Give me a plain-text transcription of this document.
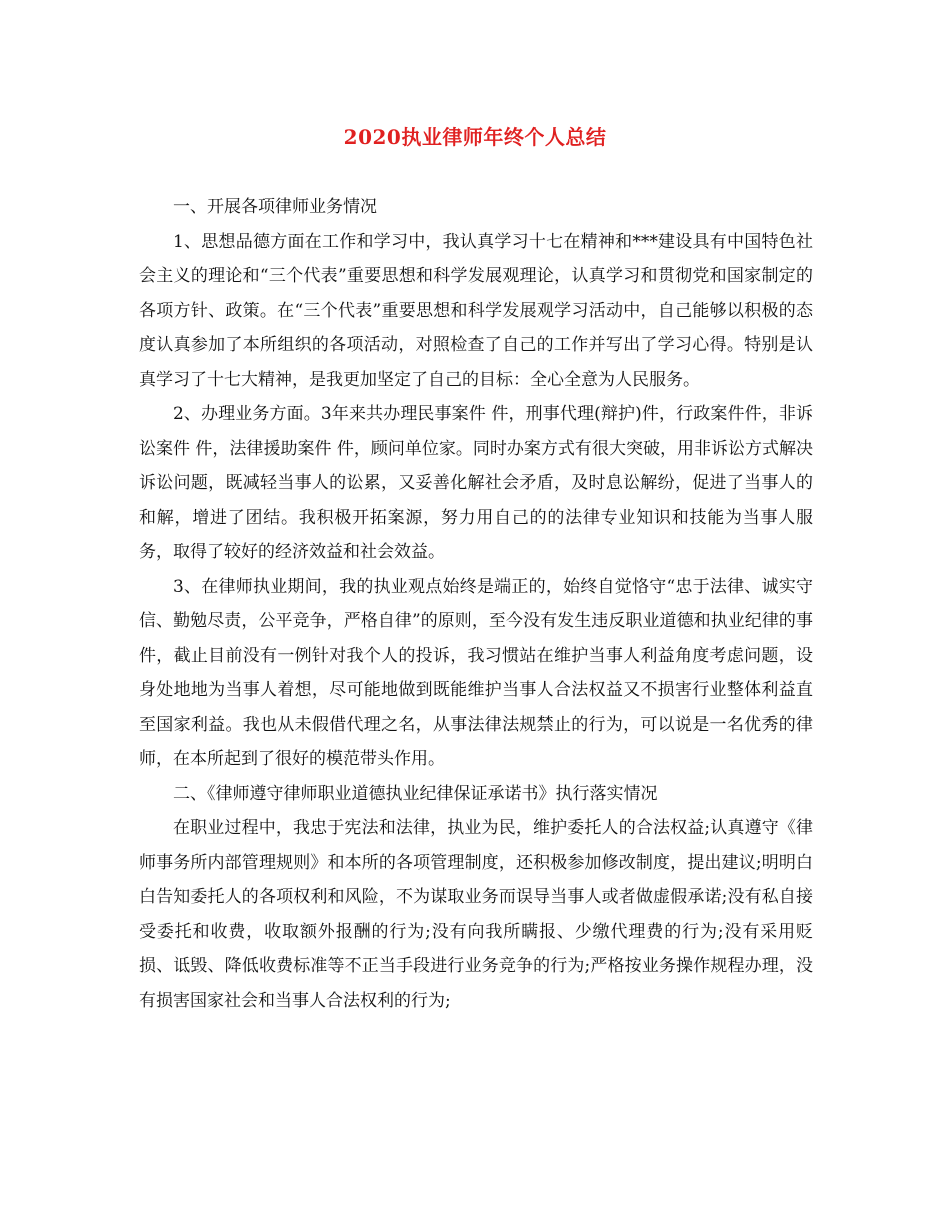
2020执业律师年终个人总结

一、开展各项律师业务情况

1、思想品德方面在工作和学习中，我认真学习十七在精神和***建设具有中国特色社会主义的理论和“三个代表”重要思想和科学发展观理论，认真学习和贯彻党和国家制定的各项方针、政策。在“三个代表”重要思想和科学发展观学习活动中，自己能够以积极的态度认真参加了本所组织的各项活动，对照检查了自己的工作并写出了学习心得。特别是认真学习了十七大精神，是我更加坚定了自己的目标：全心全意为人民服务。

2、办理业务方面。3年来共办理民事案件 件，刑事代理(辩护)件，行政案件件，非诉讼案件 件，法律援助案件 件，顾问单位家。同时办案方式有很大突破，用非诉讼方式解决诉讼问题，既减轻当事人的讼累，又妥善化解社会矛盾，及时息讼解纷，促进了当事人的和解，增进了团结。我积极开拓案源，努力用自己的的法律专业知识和技能为当事人服务，取得了较好的经济效益和社会效益。

3、在律师执业期间，我的执业观点始终是端正的，始终自觉恪守“忠于法律、诚实守信、勤勉尽责，公平竞争，严格自律”的原则，至今没有发生违反职业道德和执业纪律的事件，截止目前没有一例针对我个人的投诉，我习惯站在维护当事人利益角度考虑问题，设身处地地为当事人着想，尽可能地做到既能维护当事人合法权益又不损害行业整体利益直至国家利益。我也从未假借代理之名，从事法律法规禁止的行为，可以说是一名优秀的律师，在本所起到了很好的模范带头作用。

二、《律师遵守律师职业道德执业纪律保证承诺书》执行落实情况

在职业过程中，我忠于宪法和法律，执业为民，维护委托人的合法权益;认真遵守《律师事务所内部管理规则》和本所的各项管理制度，还积极参加修改制度，提出建议;明明白白告知委托人的各项权利和风险，不为谋取业务而误导当事人或者做虚假承诺;没有私自接受委托和收费，收取额外报酬的行为;没有向我所瞒报、少缴代理费的行为;没有采用贬损、诋毁、降低收费标准等不正当手段进行业务竞争的行为;严格按业务操作规程办理，没有损害国家社会和当事人合法权利的行为;
